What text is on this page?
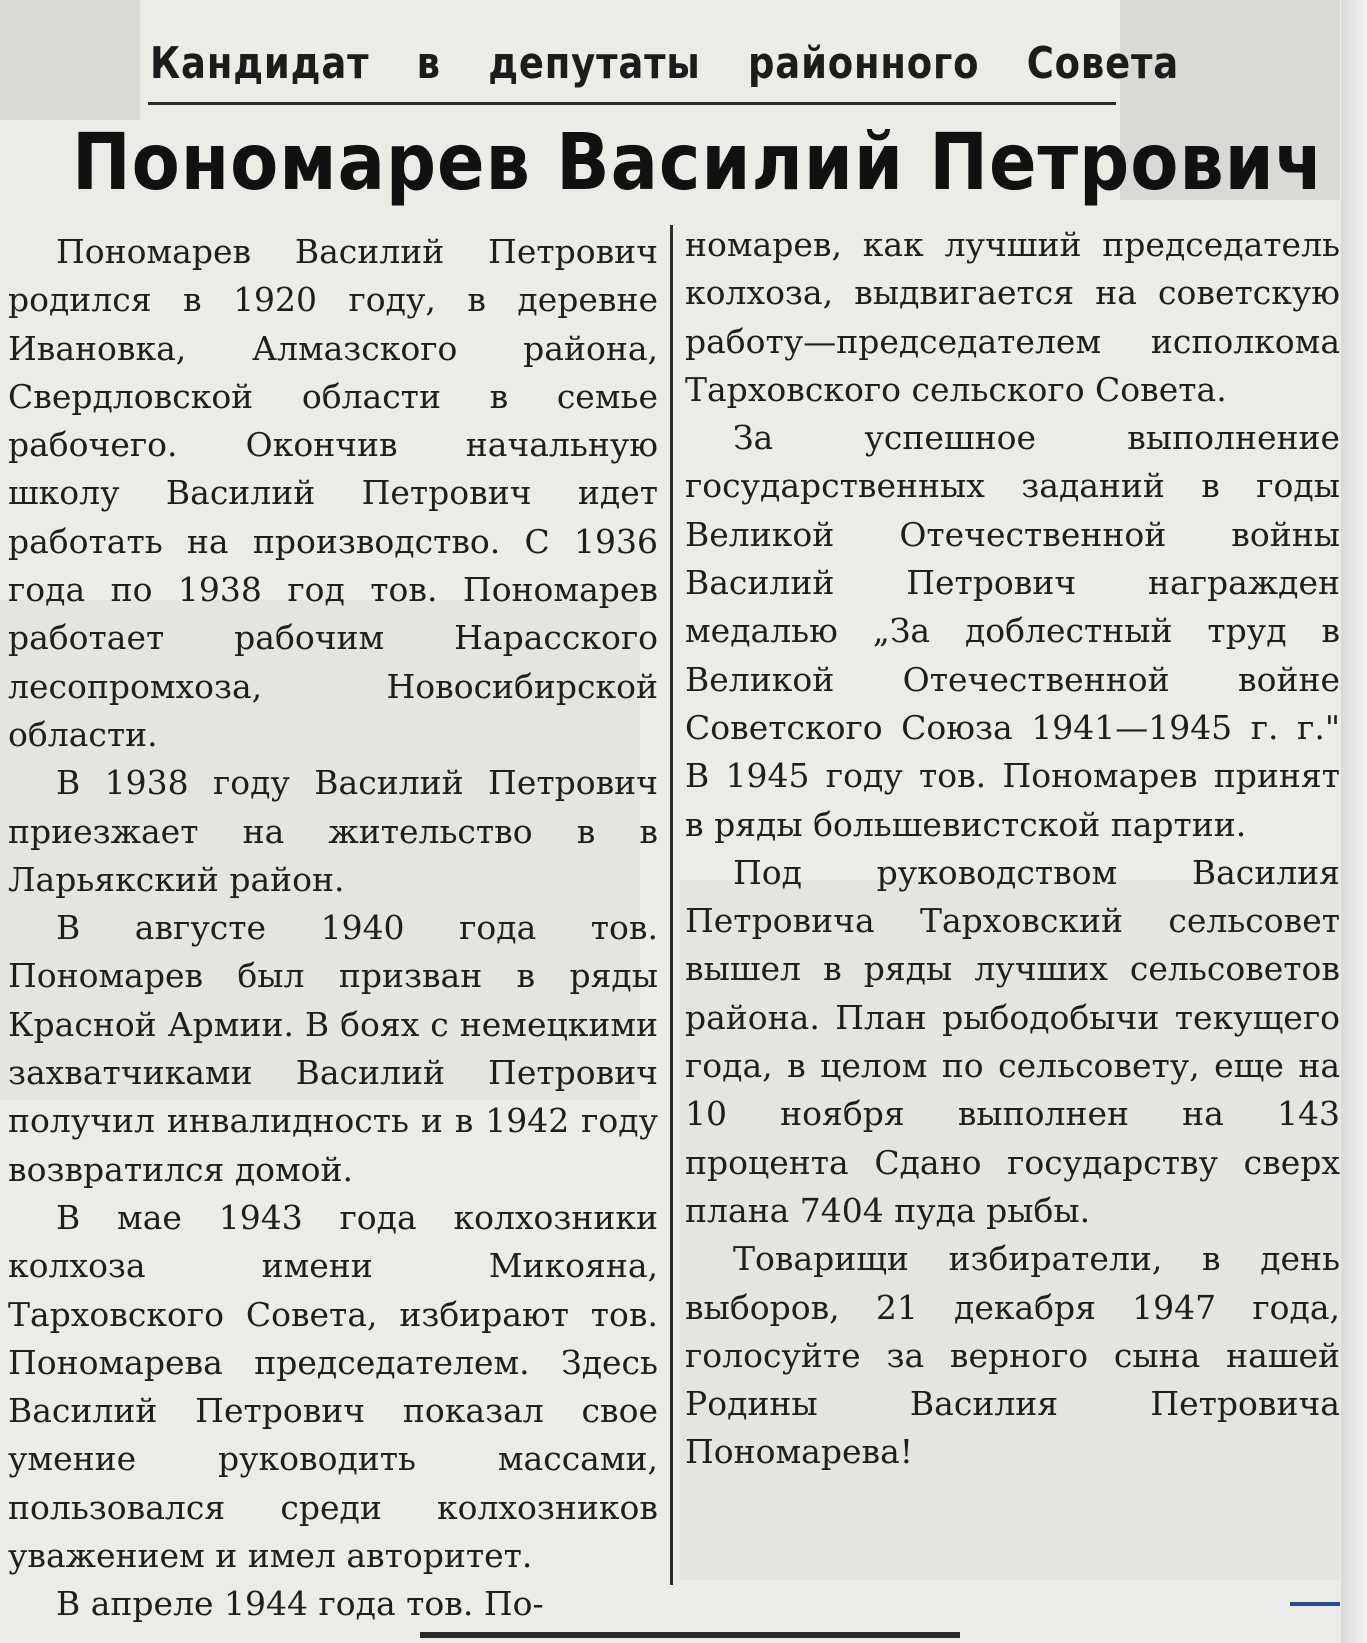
Кандидат в депутаты районного Совета
Пономарев Василий Петрович

Пономарев Василий Петрович родился в 1920 году, в деревне Ивановка, Алмазского района, Свердловской области в семье рабочего. Окончив начальную школу Василий Петрович идет работать на производство. С 1936 года по 1938 год тов. Пономарев работает рабочим Нарасского лесопромхоза, Новосибирской области.

В 1938 году Василий Петрович приезжает на жительство в в Ларьякский район.

В августе 1940 года тов. Пономарев был призван в ряды Красной Армии. В боях с немецкими захватчиками Василий Петрович получил инвалидность и в 1942 году возвратился домой.

В мае 1943 года колхозники колхоза имени Микояна, Тарховского Совета, избирают тов. Пономарева председателем. Здесь Василий Петрович показал свое умение руководить массами, пользовался среди колхозников уважением и имел авторитет.

В апреле 1944 года тов. По-

номарев, как лучший председатель колхоза, выдвигается на советскую работу—председателем исполкома Тарховского сельского Совета.

За успешное выполнение государственных заданий в годы Великой Отечественной войны Василий Петрович награжден медалью „За доблестный труд в Великой Отечественной войне Советского Союза 1941—1945 г. г." В 1945 году тов. Пономарев принят в ряды большевистской партии.

Под руководством Василия Петровича Тарховский сельсовет вышел в ряды лучших сельсоветов района. План рыбодобычи текущего года, в целом по сельсовету, еще на 10 ноября выполнен на 143 процента Сдано государству сверх плана 7404 пуда рыбы.

Товарищи избиратели, в день выборов, 21 декабря 1947 года, голосуйте за верного сына нашей Родины Василия Петровича Пономарева!
